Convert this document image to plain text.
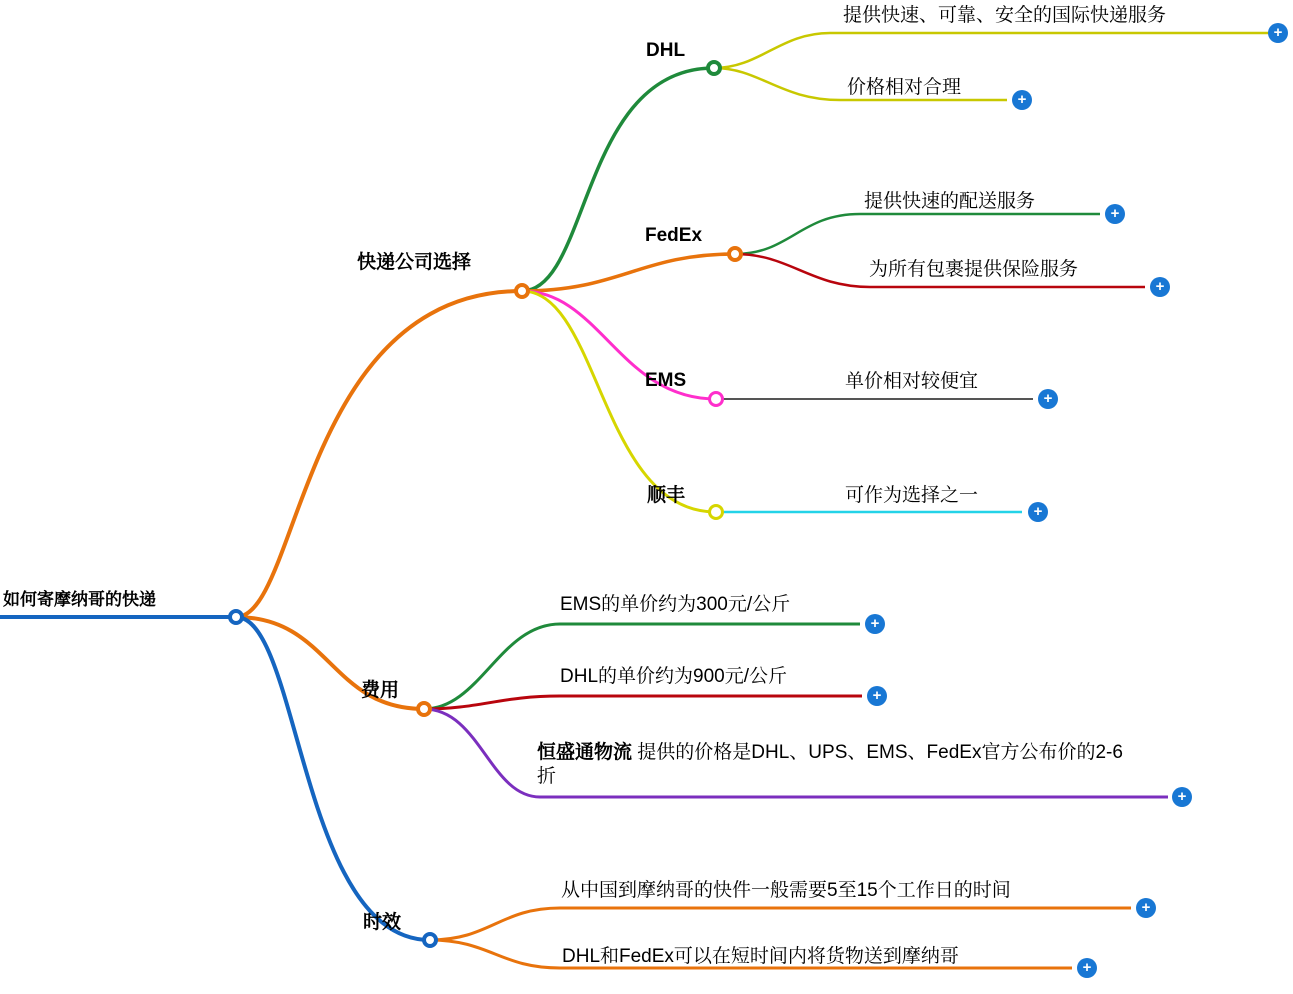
如何寄摩纳哥的快递
快递公司选择
DHL
提供快速、可靠、安全的国际快递服务
+
价格相对合理
+
FedEx
提供快速的配送服务
+
为所有包裹提供保险服务
+
EMS	单价相对较便宜
+
顺丰	可作为选择之一
+
费用
EMS的单价约为300元/公斤
+
DHL的单价约为900元/公斤
+
恒盛通物流 提供的价格是DHL、UPS、EMS、FedEx官方公布价的2-6折
+
时效
从中国到摩纳哥的快件一般需要5至15个工作日的时间
+
DHL和FedEx可以在短时间内将货物送到摩纳哥
+
